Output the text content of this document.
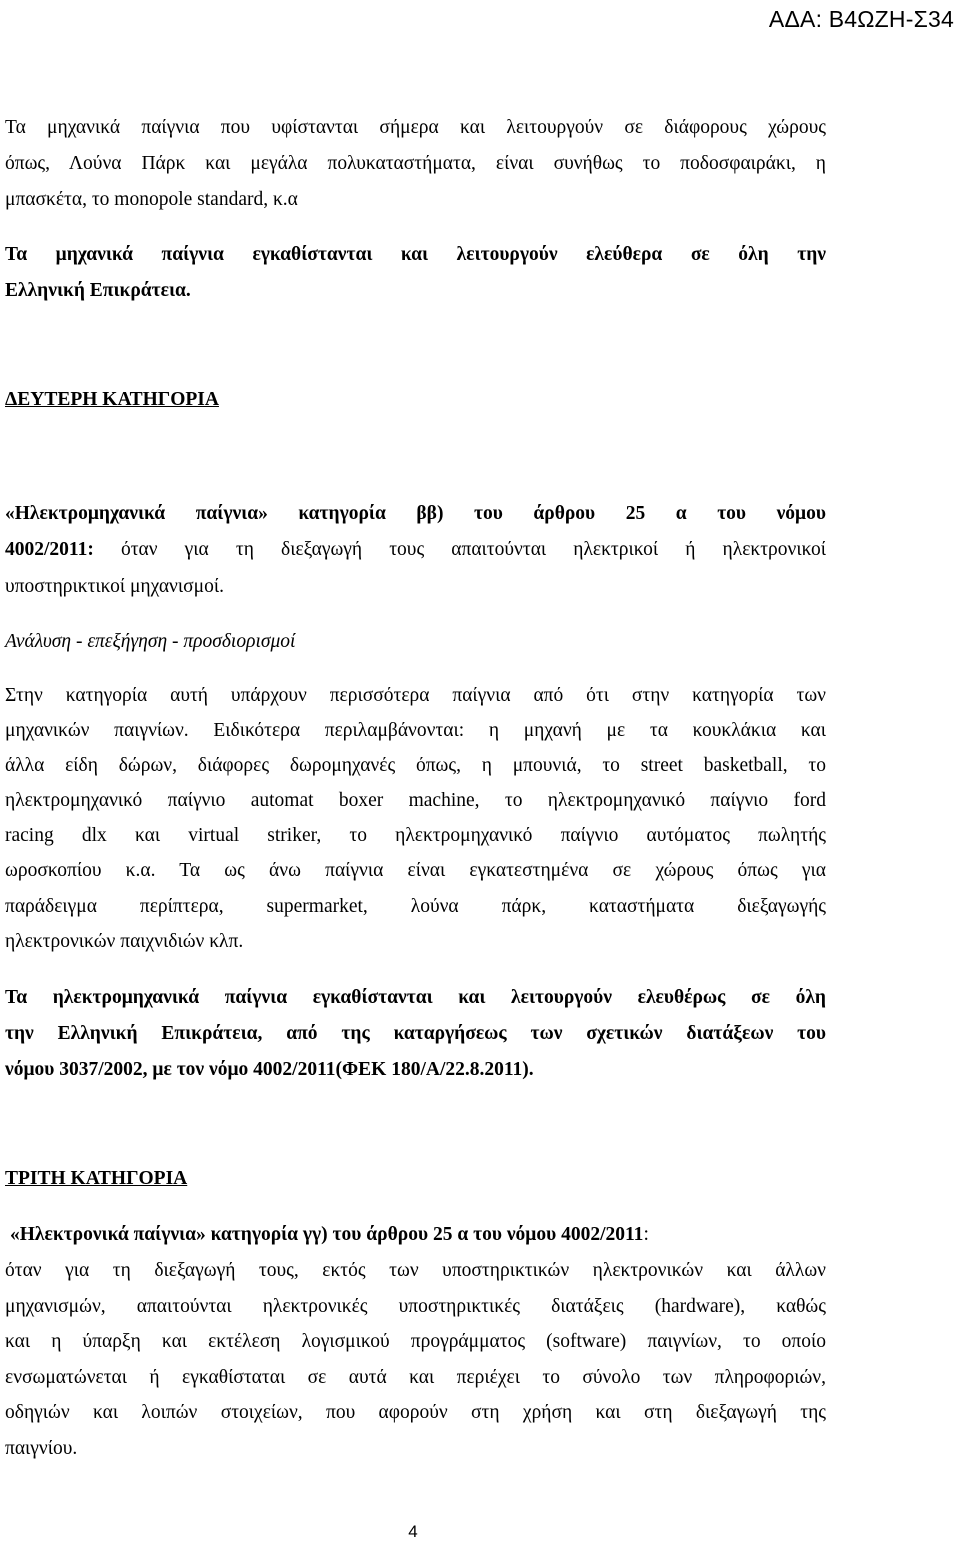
ΑΔΑ: Β4ΩΖΗ-Σ34
Τα μηχανικά παίγνια που υφίστανται σήμερα και λειτουργούν σε διάφορους χώρους
όπως, Λούνα Πάρκ και μεγάλα πολυκαταστήματα, είναι συνήθως το ποδοσφαιράκι, η
μπασκέτα, το monopole standard, κ.α
Τα μηχανικά παίγνια εγκαθίστανται και λειτουργούν ελεύθερα σε όλη την
Ελληνική Επικράτεια.
ΔΕΥΤΕΡΗ ΚΑΤΗΓΟΡΙΑ
«Ηλεκτρομηχανικά παίγνια» κατηγορία ββ) του άρθρου 25 α του νόμου
4002/2011: όταν για τη διεξαγωγή τους απαιτούνται ηλεκτρικοί ή ηλεκτρονικοί
υποστηρικτικοί μηχανισμοί.
Ανάλυση - επεξήγηση - προσδιορισμοί
Στην κατηγορία αυτή υπάρχουν περισσότερα παίγνια από ότι στην κατηγορία των
μηχανικών παιγνίων. Ειδικότερα περιλαμβάνονται: η μηχανή με τα κουκλάκια και
άλλα είδη δώρων, διάφορες δωρομηχανές όπως, η μπουνιά, το street basketball, το
ηλεκτρομηχανικό παίγνιο automat boxer machine, το ηλεκτρομηχανικό παίγνιο ford
racing dlx και virtual striker, το ηλεκτρομηχανικό παίγνιο αυτόματος πωλητής
ωροσκοπίου κ.α. Τα ως άνω παίγνια είναι εγκατεστημένα σε χώρους όπως για
παράδειγμα περίπτερα, supermarket, λούνα πάρκ, καταστήματα διεξαγωγής
ηλεκτρονικών παιχνιδιών κλπ.
Τα ηλεκτρομηχανικά παίγνια εγκαθίστανται και λειτουργούν ελευθέρως σε όλη
την Ελληνική Επικράτεια, από της καταργήσεως των σχετικών διατάξεων του
νόμου 3037/2002, με τον νόμο 4002/2011(ΦΕΚ 180/Α/22.8.2011).
ΤΡΙΤΗ ΚΑΤΗΓΟΡΙΑ
«Ηλεκτρονικά παίγνια» κατηγορία γγ) του άρθρου 25 α του νόμου 4002/2011:
όταν για τη διεξαγωγή τους, εκτός των υποστηρικτικών ηλεκτρονικών και άλλων
μηχανισμών, απαιτούνται ηλεκτρονικές υποστηρικτικές διατάξεις (hardware), καθώς
και η ύπαρξη και εκτέλεση λογισμικού προγράμματος (software) παιγνίων, το οποίο
ενσωματώνεται ή εγκαθίσταται σε αυτά και περιέχει το σύνολο των πληροφοριών,
οδηγιών και λοιπών στοιχείων, που αφορούν στη χρήση και στη διεξαγωγή της
παιγνίου.
4
